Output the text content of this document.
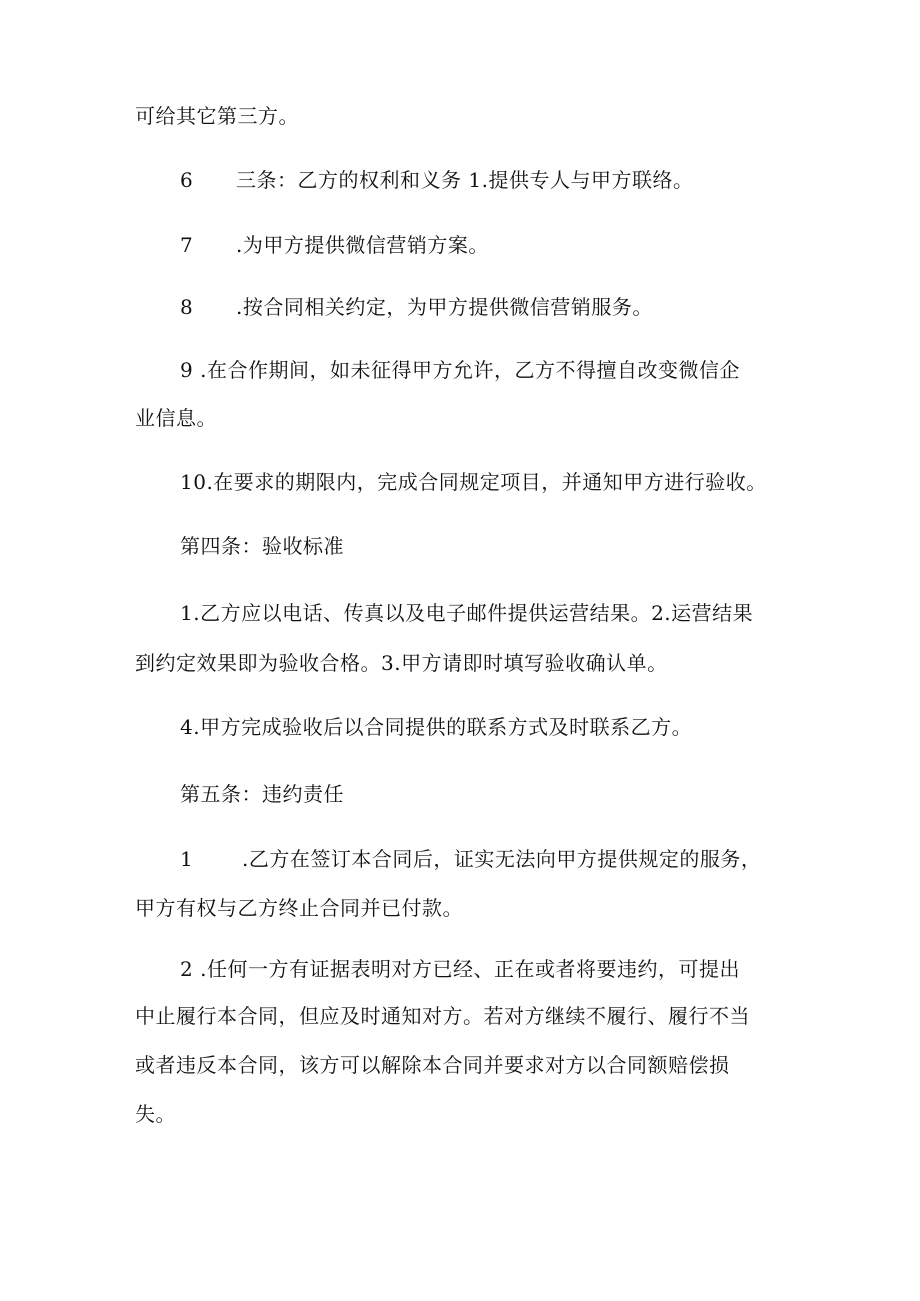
可给其它第三方。
6 三条：乙方的权利和义务 1.提供专人与甲方联络。
7 .为甲方提供微信营销方案。
8 .按合同相关约定，为甲方提供微信营销服务。
9 .在合作期间，如未征得甲方允许，乙方不得擅自改变微信企
业信息。
10.在要求的期限内，完成合同规定项目，并通知甲方进行验收。
第四条：验收标准
1.乙方应以电话、传真以及电子邮件提供运营结果。2.运营结果
到约定效果即为验收合格。3.甲方请即时填写验收确认单。
4.甲方完成验收后以合同提供的联系方式及时联系乙方。
第五条：违约责任
1 .乙方在签订本合同后，证实无法向甲方提供规定的服务，
甲方有权与乙方终止合同并已付款。
2 .任何一方有证据表明对方已经、正在或者将要违约，可提出
中止履行本合同，但应及时通知对方。若对方继续不履行、履行不当
或者违反本合同，该方可以解除本合同并要求对方以合同额赔偿损
失。
